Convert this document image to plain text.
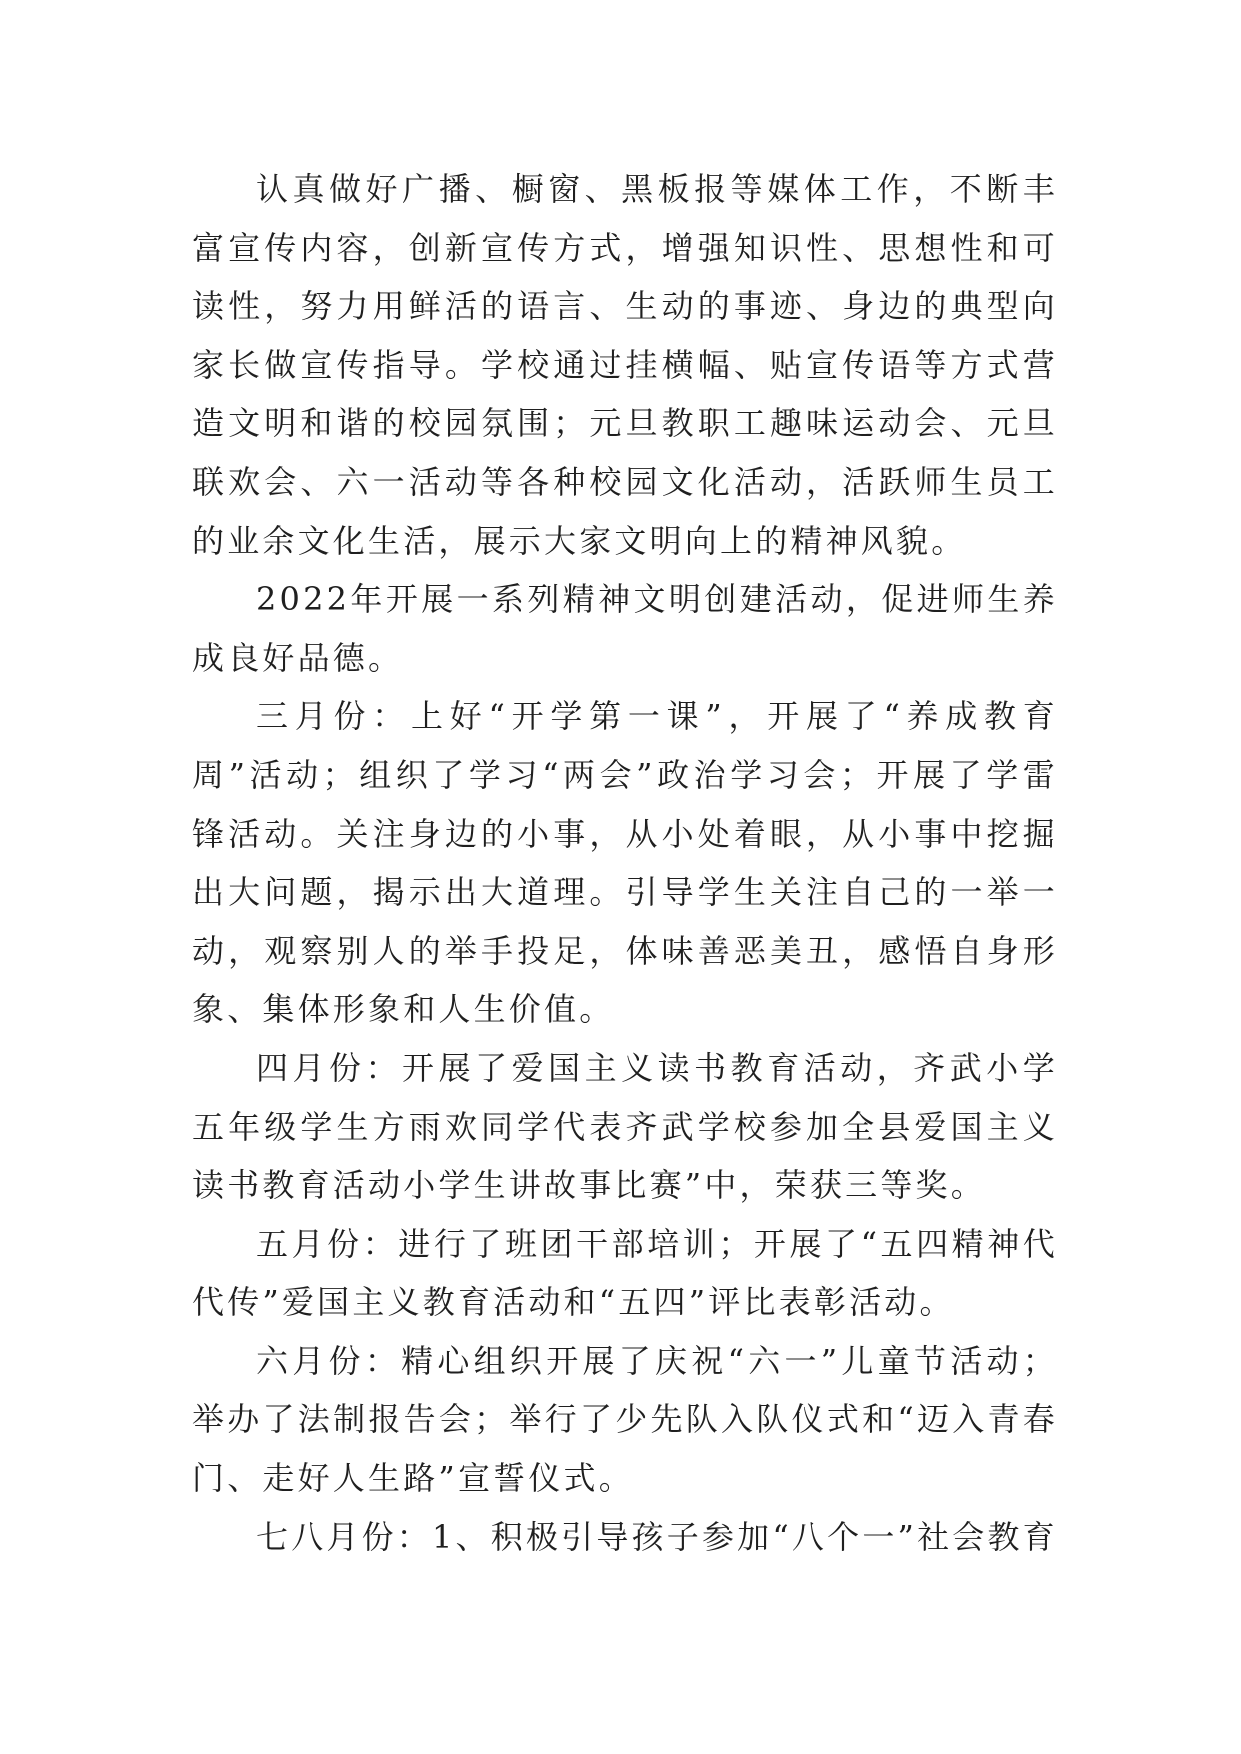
认真做好广播、橱窗、黑板报等媒体工作，不断丰富宣传内容，创新宣传方式，增强知识性、思想性和可读性，努力用鲜活的语言、生动的事迹、身边的典型向家长做宣传指导。学校通过挂横幅、贴宣传语等方式营造文明和谐的校园氛围；元旦教职工趣味运动会、元旦联欢会、六一活动等各种校园文化活动，活跃师生员工的业余文化生活，展示大家文明向上的精神风貌。

2022年开展一系列精神文明创建活动，促进师生养成良好品德。

三月份：上好“开学第一课”，开展了“养成教育周”活动；组织了学习“两会”政治学习会；开展了学雷锋活动。关注身边的小事，从小处着眼，从小事中挖掘出大问题，揭示出大道理。引导学生关注自己的一举一动，观察别人的举手投足，体味善恶美丑，感悟自身形象、集体形象和人生价值。

四月份：开展了爱国主义读书教育活动，齐武小学五年级学生方雨欢同学代表齐武学校参加全县爱国主义读书教育活动小学生讲故事比赛”中，荣获三等奖。

五月份：进行了班团干部培训；开展了“五四精神代代传”爱国主义教育活动和“五四”评比表彰活动。

六月份：精心组织开展了庆祝“六一”儿童节活动；举办了法制报告会；举行了少先队入队仪式和“迈入青春门、走好人生路”宣誓仪式。

七八月份：1、积极引导孩子参加“八个一”社会教育
